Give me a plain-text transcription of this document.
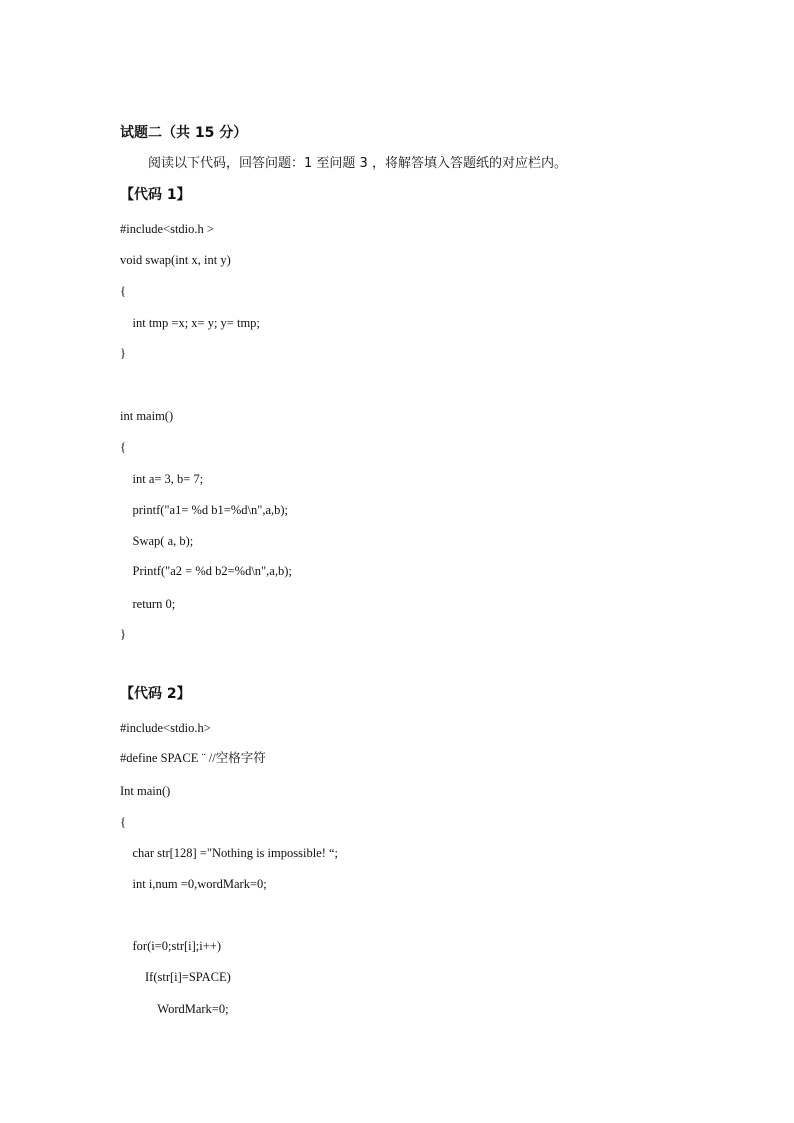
试题二（共 15 分）
阅读以下代码，回答问题：1 至问题 3 ，将解答填入答题纸的对应栏内。
【代码 1】
#include<stdio.h >
void swap(int x, int y)
{
int tmp =x; x= y; y= tmp;
}
int maim()
{
int a= 3, b= 7;
printf("a1= %d b1=%d\n",a,b);
Swap( a, b);
Printf("a2 = %d b2=%d\n",a,b);
return 0;
}
【代码 2】
#include<stdio.h>
#define SPACE ¨ //空格字符
Int main()
{
char str[128] ="Nothing is impossible! “;
int i,num =0,wordMark=0;
for(i=0;str[i];i++)
If(str[i]=SPACE)
WordMark=0;
